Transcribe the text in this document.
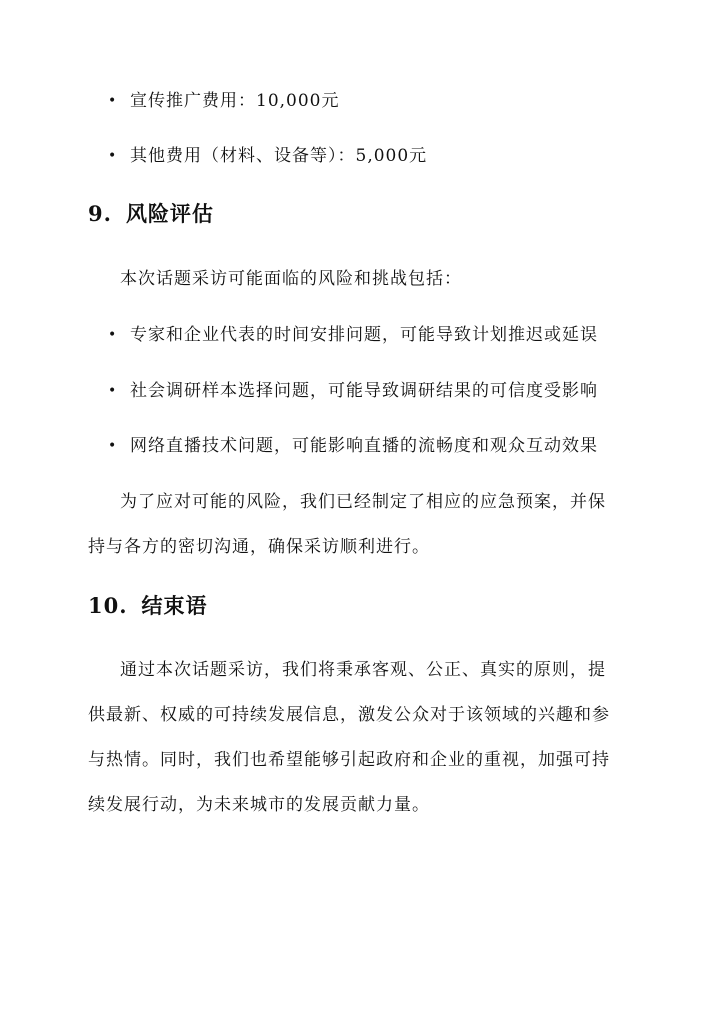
• 宣传推广费用：10,000元
• 其他费用（材料、设备等）：5,000元
9. 风险评估
本次话题采访可能面临的风险和挑战包括：
• 专家和企业代表的时间安排问题，可能导致计划推迟或延误
• 社会调研样本选择问题，可能导致调研结果的可信度受影响
• 网络直播技术问题，可能影响直播的流畅度和观众互动效果
为了应对可能的风险，我们已经制定了相应的应急预案，并保
持与各方的密切沟通，确保采访顺利进行。
10. 结束语
通过本次话题采访，我们将秉承客观、公正、真实的原则，提
供最新、权威的可持续发展信息，激发公众对于该领域的兴趣和参
与热情。同时，我们也希望能够引起政府和企业的重视，加强可持
续发展行动，为未来城市的发展贡献力量。
